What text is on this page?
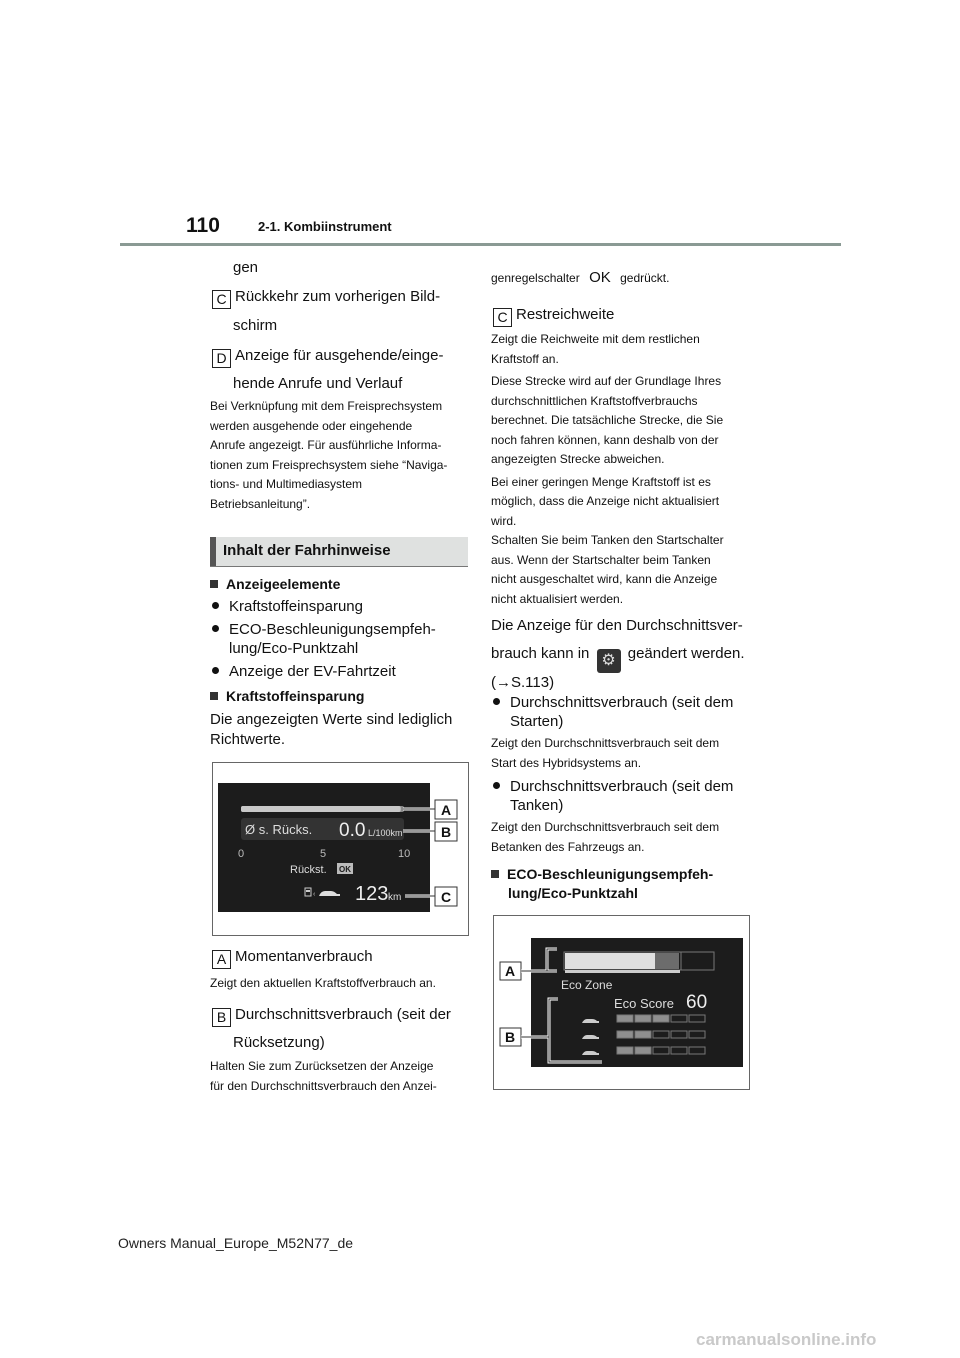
110	2-1. Kombiinstrument
gen
C Rückkehr zum vorherigen Bild-
schirm
D Anzeige für ausgehende/einge-
hende Anrufe und Verlauf
Bei Verknüpfung mit dem Freisprechsystem
werden ausgehende oder eingehende
Anrufe angezeigt. Für ausführliche Informa-
tionen zum Freisprechsystem siehe “Naviga-
tions- und Multimediasystem
Betriebsanleitung”.
Inhalt der Fahrhinweise
Anzeigeelemente
Kraftstoffeinsparung
ECO-Beschleunigungsempfeh-
lung/Eco-Punktzahl
Anzeige der EV-Fahrtzeit
Kraftstoffeinsparung
Die angezeigten Werte sind lediglich
Richtwerte.
Ø s. Rücks. 0.0 L/100km
0	5	10
Rückst. OK
‹ 123 km
A
B
C
A Momentanverbrauch
Zeigt den aktuellen Kraftstoffverbrauch an.
B Durchschnittsverbrauch (seit der
Rücksetzung)
Halten Sie zum Zurücksetzen der Anzeige
für den Durchschnittsverbrauch den Anzei-
genregelschalter OK gedrückt.
C Restreichweite
Zeigt die Reichweite mit dem restlichen
Kraftstoff an.
Diese Strecke wird auf der Grundlage Ihres
durchschnittlichen Kraftstoffverbrauchs
berechnet. Die tatsächliche Strecke, die Sie
noch fahren können, kann deshalb von der
angezeigten Strecke abweichen.
Bei einer geringen Menge Kraftstoff ist es
möglich, dass die Anzeige nicht aktualisiert
wird.
Schalten Sie beim Tanken den Startschalter
aus. Wenn der Startschalter beim Tanken
nicht ausgeschaltet wird, kann die Anzeige
nicht aktualisiert werden.
Die Anzeige für den Durchschnittsver-
brauch kann in ⚙ geändert werden.
(→S.113)
Durchschnittsverbrauch (seit dem
Starten)
Zeigt den Durchschnittsverbrauch seit dem
Start des Hybridsystems an.
Durchschnittsverbrauch (seit dem
Tanken)
Zeigt den Durchschnittsverbrauch seit dem
Betanken des Fahrzeugs an.
ECO-Beschleunigungsempfeh-
lung/Eco-Punktzahl
Eco Zone
Eco Score 60
A
B
Owners Manual_Europe_M52N77_de
carmanualsonline.info
